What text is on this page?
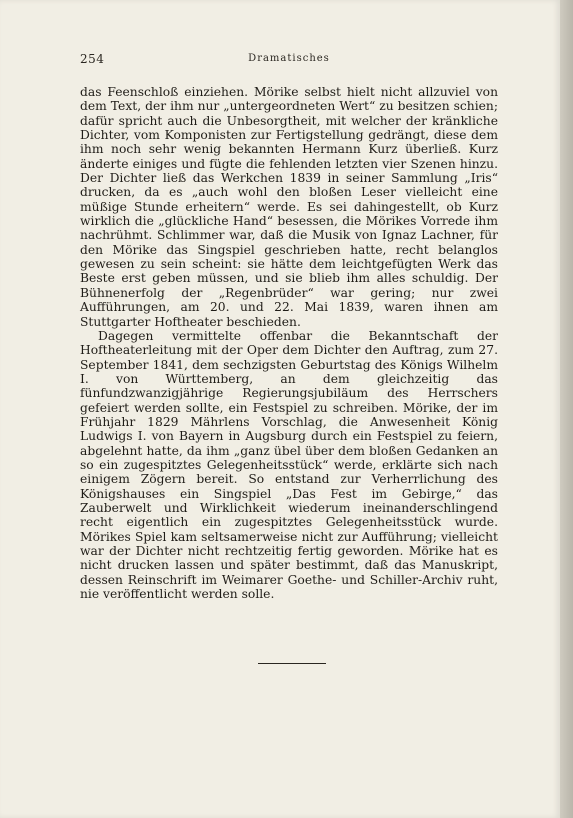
254	Dramatisches

das Feenschloß einziehen. Mörike selbst hielt nicht allzuviel von dem Text, der ihm nur „untergeordneten Wert“ zu besitzen schien; dafür spricht auch die Unbesorgtheit, mit welcher der kränkliche Dichter, vom Komponisten zur Fertigstellung gedrängt, diese dem ihm noch sehr wenig bekannten Hermann Kurz überließ. Kurz änderte einiges und fügte die fehlenden letzten vier Szenen hinzu. Der Dichter ließ das Werkchen 1839 in seiner Sammlung „Iris“ drucken, da es „auch wohl den bloßen Leser vielleicht eine müßige Stunde erheitern“ werde. Es sei dahingestellt, ob Kurz wirklich die „glückliche Hand“ besessen, die Mörikes Vorrede ihm nachrühmt. Schlimmer war, daß die Musik von Ignaz Lachner, für den Mörike das Singspiel geschrieben hatte, recht belanglos gewesen zu sein scheint: sie hätte dem leichtgefügten Werk das Beste erst geben müssen, und sie blieb ihm alles schuldig. Der Bühnenerfolg der „Regenbrüder“ war gering; nur zwei Aufführungen, am 20. und 22. Mai 1839, waren ihnen am Stuttgarter Hoftheater beschieden.

Dagegen vermittelte offenbar die Bekanntschaft der Hoftheaterleitung mit der Oper dem Dichter den Auftrag, zum 27. September 1841, dem sechzigsten Geburtstag des Königs Wilhelm I. von Württemberg, an dem gleichzeitig das fünfundzwanzigjährige Regierungsjubiläum des Herrschers gefeiert werden sollte, ein Festspiel zu schreiben. Mörike, der im Frühjahr 1829 Mährlens Vorschlag, die Anwesenheit König Ludwigs I. von Bayern in Augsburg durch ein Festspiel zu feiern, abgelehnt hatte, da ihm „ganz übel über dem bloßen Gedanken an so ein zugespitztes Gelegenheitsstück“ werde, erklärte sich nach einigem Zögern bereit. So entstand zur Verherrlichung des Königshauses ein Singspiel „Das Fest im Gebirge,“ das Zauberwelt und Wirklichkeit wiederum ineinanderschlingend recht eigentlich ein zugespitztes Gelegenheitsstück wurde. Mörikes Spiel kam seltsamerweise nicht zur Aufführung; vielleicht war der Dichter nicht rechtzeitig fertig geworden. Mörike hat es nicht drucken lassen und später bestimmt, daß das Manuskript, dessen Reinschrift im Weimarer Goethe- und Schiller-Archiv ruht, nie veröffentlicht werden solle.
